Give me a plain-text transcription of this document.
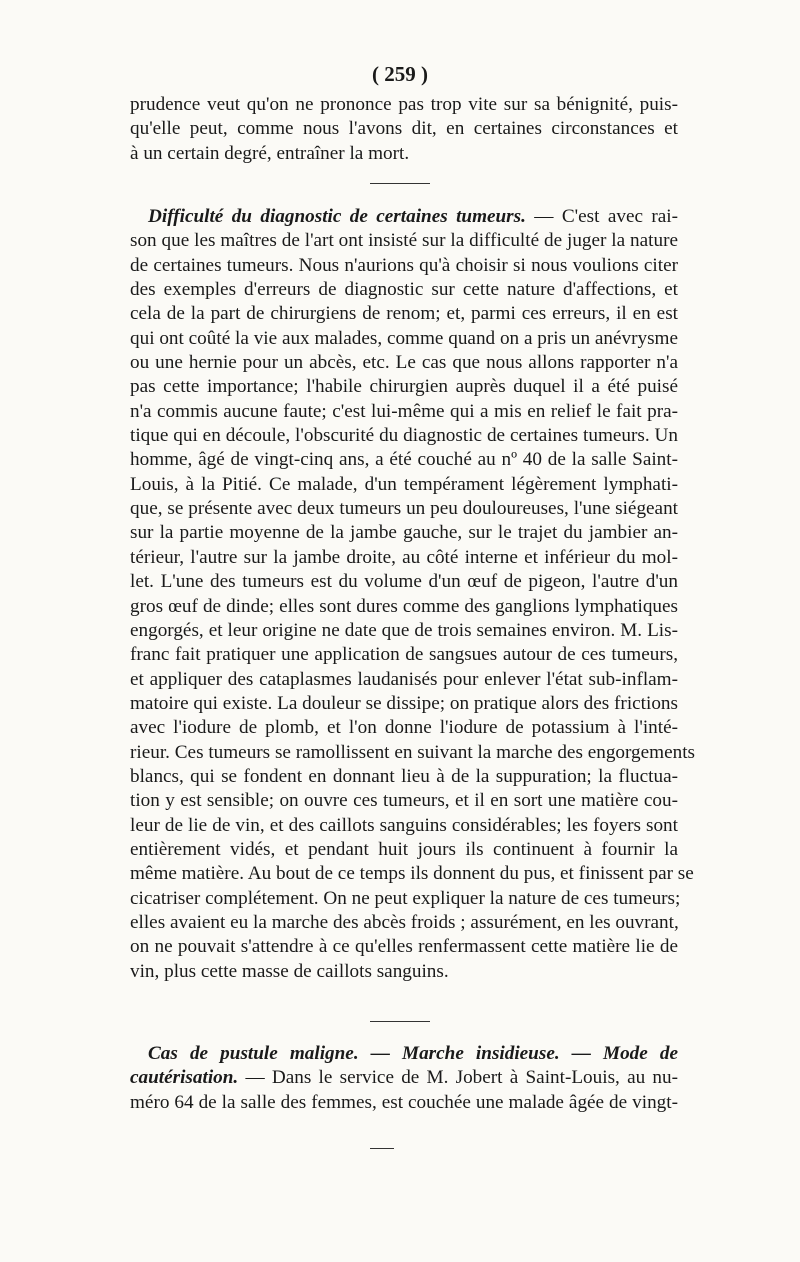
( 259 )
prudence veut qu'on ne prononce pas trop vite sur sa bénignité, puis-
qu'elle peut, comme nous l'avons dit, en certaines circonstances et
à un certain degré, entraîner la mort.
Difficulté du diagnostic de certaines tumeurs. — C'est avec rai-
son que les maîtres de l'art ont insisté sur la difficulté de juger la nature
de certaines tumeurs. Nous n'aurions qu'à choisir si nous voulions citer
des exemples d'erreurs de diagnostic sur cette nature d'affections, et
cela de la part de chirurgiens de renom; et, parmi ces erreurs, il en est
qui ont coûté la vie aux malades, comme quand on a pris un anévrysme
ou une hernie pour un abcès, etc. Le cas que nous allons rapporter n'a
pas cette importance; l'habile chirurgien auprès duquel il a été puisé
n'a commis aucune faute; c'est lui-même qui a mis en relief le fait pra-
tique qui en découle, l'obscurité du diagnostic de certaines tumeurs. Un
homme, âgé de vingt-cinq ans, a été couché au nº 40 de la salle Saint-
Louis, à la Pitié. Ce malade, d'un tempérament légèrement lymphati-
que, se présente avec deux tumeurs un peu douloureuses, l'une siégeant
sur la partie moyenne de la jambe gauche, sur le trajet du jambier an-
térieur, l'autre sur la jambe droite, au côté interne et inférieur du mol-
let. L'une des tumeurs est du volume d'un œuf de pigeon, l'autre d'un
gros œuf de dinde; elles sont dures comme des ganglions lymphatiques
engorgés, et leur origine ne date que de trois semaines environ. M. Lis-
franc fait pratiquer une application de sangsues autour de ces tumeurs,
et appliquer des cataplasmes laudanisés pour enlever l'état sub-inflam-
matoire qui existe. La douleur se dissipe; on pratique alors des frictions
avec l'iodure de plomb, et l'on donne l'iodure de potassium à l'inté-
rieur. Ces tumeurs se ramollissent en suivant la marche des engorgements
blancs, qui se fondent en donnant lieu à de la suppuration; la fluctua-
tion y est sensible; on ouvre ces tumeurs, et il en sort une matière cou-
leur de lie de vin, et des caillots sanguins considérables; les foyers sont
entièrement vidés, et pendant huit jours ils continuent à fournir la
même matière. Au bout de ce temps ils donnent du pus, et finissent par se
cicatriser complétement. On ne peut expliquer la nature de ces tumeurs;
elles avaient eu la marche des abcès froids ; assurément, en les ouvrant,
on ne pouvait s'attendre à ce qu'elles renfermassent cette matière lie de
vin, plus cette masse de caillots sanguins.
Cas de pustule maligne. — Marche insidieuse. — Mode de
cautérisation. — Dans le service de M. Jobert à Saint-Louis, au nu-
méro 64 de la salle des femmes, est couchée une malade âgée de vingt-
